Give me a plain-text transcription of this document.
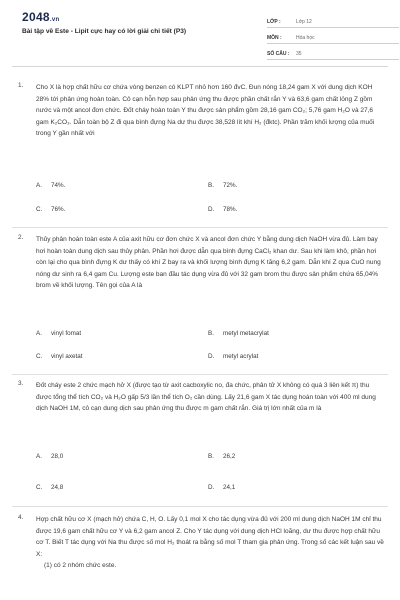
2048.vn
Bài tập về Este - Lipit cực hay có lời giải chi tiết (P3)
LỚP :	Lớp 12
MÔN :	Hóa học
SỐ CÂU :	35
1. Cho X là hợp chất hữu cơ chứa vòng benzen có KLPT nhỏ hơn 160 đvC. Đun nóng 18,24 gam X với dung dịch KOH 28% tới phản ứng hoàn toàn. Cô cạn hỗn hợp sau phản ứng thu được phần chất rắn Y và 63,6 gam chất lỏng Z gồm nước và một ancol đơn chức. Đốt cháy hoàn toàn Y thu được sản phẩm gồm 28,16 gam CO₂; 5,76 gam H₂O và 27,6 gam K₂CO₃. Dẫn toàn bộ Z đi qua bình đựng Na dư thu được 38,528 lít khí H₂ (đktc). Phần trăm khối lượng của muối trong Y gần nhất với
A. 74%.	B. 72%.
C. 76%.	D. 78%.
2. Thủy phân hoàn toàn este A của axit hữu cơ đơn chức X và ancol đơn chức Y bằng dung dịch NaOH vừa đủ. Làm bay hơi hoàn toàn dung dịch sau thủy phân. Phần hơi được dẫn qua bình đựng CaCl₂ khan dư. Sau khi làm khô, phần hơi còn lại cho qua bình đựng K dư thấy có khí Z bay ra và khối lượng bình đựng K tăng 6,2 gam. Dẫn khí Z qua CuO nung nóng dư sinh ra 6,4 gam Cu. Lượng este ban đầu tác dụng vừa đủ với 32 gam brom thu được sản phẩm chứa 65,04% brom về khối lượng. Tên gọi của A là
A. vinyl fomat	B. metyl metacrylat
C. vinyl axetat	D. metyl acrylat
3. Đốt cháy este 2 chức mạch hở X (được tạo từ axit cacboxylic no, đa chức, phân tử X không có quá 3 liên kết π) thu được tổng thể tích CO₂ và H₂O gấp 5/3 lần thể tích O₂ cần dùng. Lấy 21,6 gam X tác dụng hoàn toàn với 400 ml dung dịch NaOH 1M, cô cạn dung dịch sau phản ứng thu được m gam chất rắn. Giá trị lớn nhất của m là
A. 28,0	B. 26,2
C. 24,8	D. 24,1
4. Hợp chất hữu cơ X (mạch hở) chứa C, H, O. Lấy 0,1 mol X cho tác dụng vừa đủ với 200 ml dung dịch NaOH 1M chỉ thu được 19,6 gam chất hữu cơ Y và 6,2 gam ancol Z. Cho Y tác dụng với dung dịch HCl loãng, dư thu được hợp chất hữu cơ T. Biết T tác dụng với Na thu được số mol H₂ thoát ra bằng số mol T tham gia phản ứng. Trong số các kết luận sau về X:
(1) có 2 nhóm chức este.
